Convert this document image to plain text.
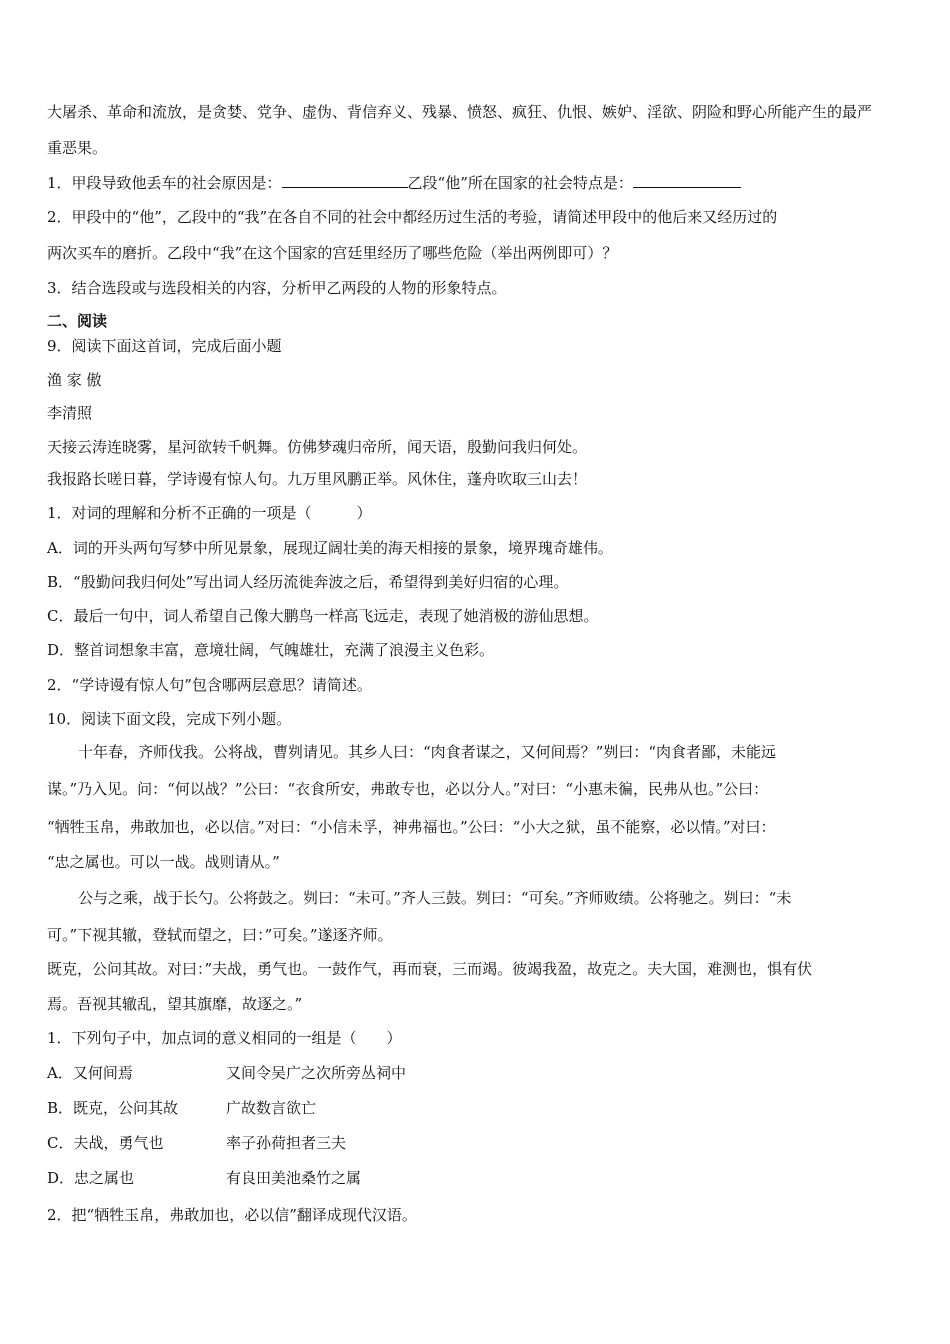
大屠杀、革命和流放，是贪婪、党争、虚伪、背信弃义、残暴、愤怒、疯狂、仇恨、嫉妒、淫欲、阴险和野心所能产生的最严
重恶果。
1．甲段导致他丢车的社会原因是：	乙段“他”所在国家的社会特点是：
2．甲段中的“他”，乙段中的“我”在各自不同的社会中都经历过生活的考验，请简述甲段中的他后来又经历过的
两次买车的磨折。乙段中“我”在这个国家的宫廷里经历了哪些危险（举出两例即可）？
3．结合选段或与选段相关的内容，分析甲乙两段的人物的形象特点。
二、阅读
9．阅读下面这首词，完成后面小题
渔 家 傲
李清照
天接云涛连晓雾，星河欲转千帆舞。仿佛梦魂归帝所，闻天语，殷勤问我归何处。
我报路长嗟日暮，学诗谩有惊人句。九万里风鹏正举。风休住，蓬舟吹取三山去！
1．对词的理解和分析不正确的一项是（　　　）
A．词的开头两句写梦中所见景象，展现辽阔壮美的海天相接的景象，境界瑰奇雄伟。
B．“殷勤问我归何处”写出词人经历流徙奔波之后，希望得到美好归宿的心理。
C．最后一句中，词人希望自己像大鹏鸟一样高飞远走，表现了她消极的游仙思想。
D．整首词想象丰富，意境壮阔，气魄雄壮，充满了浪漫主义色彩。
2．“学诗谩有惊人句”包含哪两层意思？请简述。
10．阅读下面文段，完成下列小题。
十年春，齐师伐我。公将战，曹刿请见。其乡人曰：“肉食者谋之，又何间焉？”刿曰：“肉食者鄙，未能远
谋。”乃入见。问：“何以战？”公曰：“衣食所安，弗敢专也，必以分人。”对曰：“小惠未徧，民弗从也。”公曰：
“牺牲玉帛，弗敢加也，必以信。”对曰：“小信未孚，神弗福也。”公曰：“小大之狱，虽不能察，必以情。”对曰：
“忠之属也。可以一战。战则请从。”
公与之乘，战于长勺。公将鼓之。刿曰：“未可。”齐人三鼓。刿曰：“可矣。”齐师败绩。公将驰之。刿曰：“未
可。”下视其辙，登轼而望之，曰：”可矣。”遂逐齐师。
既克，公问其故。对曰：”夫战，勇气也。一鼓作气，再而衰，三而竭。彼竭我盈，故克之。夫大国，难测也，惧有伏
焉。吾视其辙乱，望其旗靡，故逐之。”
1．下列句子中，加点词的意义相同的一组是（　　）
A．又何间焉	又间令吴广之次所旁丛祠中
B．既克，公问其故	广故数言欲亡
C．夫战，勇气也	率子孙荷担者三夫
D．忠之属也	有良田美池桑竹之属
2．把“牺牲玉帛，弗敢加也，必以信”翻译成现代汉语。
